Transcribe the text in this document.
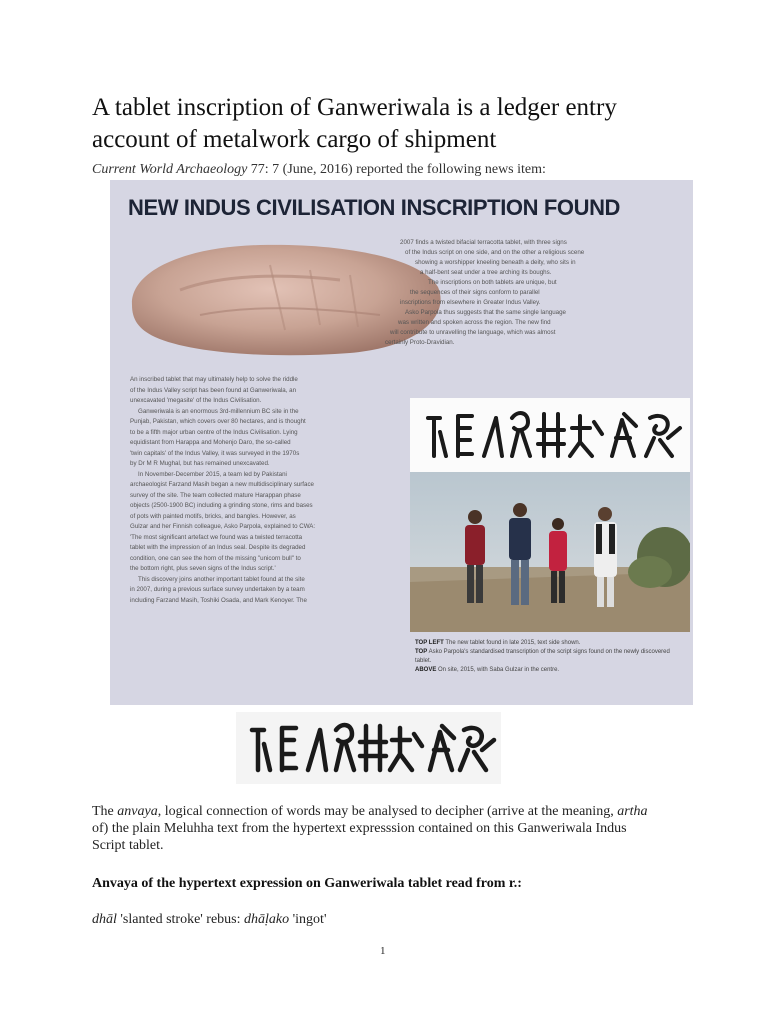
A tablet inscription of Ganweriwala is a ledger entry
account of metalwork cargo of shipment
Current World Archaeology 77: 7 (June, 2016) reported the following news item:
NEW INDUS CIVILISATION INSCRIPTION FOUND

2007 finds a twisted bifacial terracotta tablet, with three signs

of the Indus script on one side, and on the other a religious scene

showing a worshipper kneeling beneath a deity, who sits in

a half-bent seat under a tree arching its boughs.

The inscriptions on both tablets are unique, but

the sequences of their signs conform to parallel

inscriptions from elsewhere in Greater Indus Valley.

Asko Parpola thus suggests that the same single language

was written and spoken across the region. The new find

will contribute to unravelling the language, which was almost

certainly Proto-Dravidian.

An inscribed tablet that may ultimately help to solve the riddle

of the Indus Valley script has been found at Ganweriwala, an

unexcavated 'megasite' of the Indus Civilisation.

Ganweriwala is an enormous 3rd-millennium BC site in the

Punjab, Pakistan, which covers over 80 hectares, and is thought

to be a fifth major urban centre of the Indus Civilisation. Lying

equidistant from Harappa and Mohenjo Daro, the so-called

'twin capitals' of the Indus Valley, it was surveyed in the 1970s

by Dr M R Mughal, but has remained unexcavated.

In November-December 2015, a team led by Pakistani

archaeologist Farzand Masih began a new multidisciplinary surface

survey of the site. The team collected mature Harappan phase

objects (2500-1900 BC) including a grinding stone, rims and bases

of pots with painted motifs, bricks, and bangles. However, as

Gulzar and her Finnish colleague, Asko Parpola, explained to CWA:

'The most significant artefact we found was a twisted terracotta

tablet with the impression of an Indus seal. Despite its degraded

condition, one can see the horn of the missing "unicorn bull" to

the bottom right, plus seven signs of the Indus script.'

This discovery joins another important tablet found at the site

in 2007, during a previous surface survey undertaken by a team

including Farzand Masih, Toshiki Osada, and Mark Kenoyer. The

TOP LEFT The new tablet found in late 2015, text side shown.
TOP Asko Parpola's standardised transcription of the script signs found on the newly discovered tablet.
ABOVE On site, 2015, with Saba Gulzar in the centre.
The anvaya, logical connection of words may be analysed to decipher (arrive at the meaning, artha of) the plain Meluhha text from the hypertext expresssion contained on this Ganweriwala Indus Script tablet.
Anvaya of the hypertext expression on Ganweriwala tablet read from r.:
dhāl 'slanted stroke' rebus: dhāḷako 'ingot'
1
